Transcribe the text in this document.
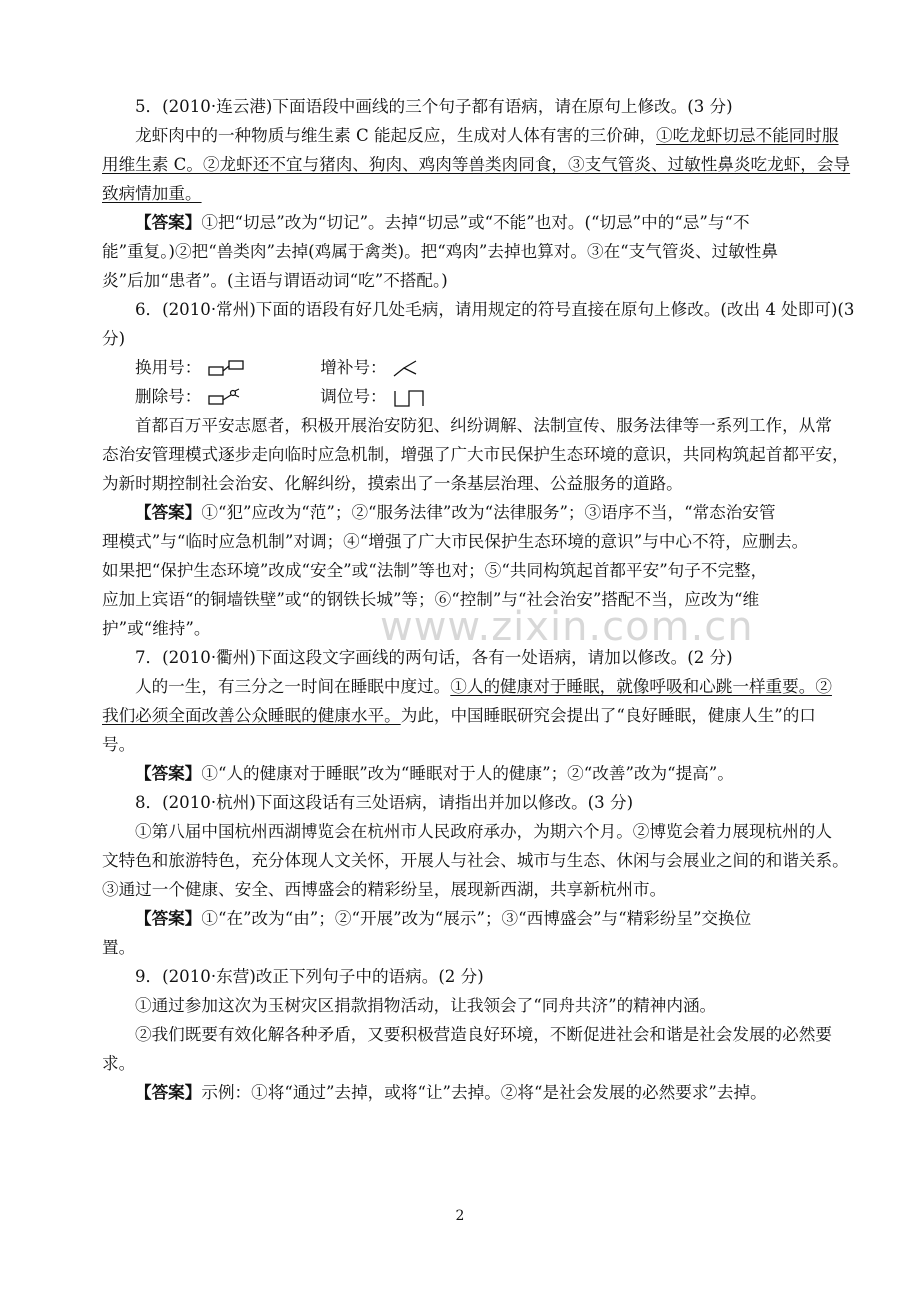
5．(2010·连云港)下面语段中画线的三个句子都有语病，请在原句上修改。(3 分)
龙虾肉中的一种物质与维生素 C 能起反应，生成对人体有害的三价砷，①吃龙虾切忌不能同时服
用维生素 C。②龙虾还不宜与猪肉、狗肉、鸡肉等兽类肉同食，③支气管炎、过敏性鼻炎吃龙虾，会导
致病情加重。
【答案】①把“切忌”改为“切记”。去掉“切忌”或“不能”也对。(“切忌”中的“忌”与“不
能”重复。)②把“兽类肉”去掉(鸡属于禽类)。把“鸡肉”去掉也算对。③在“支气管炎、过敏性鼻
炎”后加“患者”。(主语与谓语动词“吃”不搭配。)
6．(2010·常州)下面的语段有好几处毛病，请用规定的符号直接在原句上修改。(改出 4 处即可)(3
分)
换用号：	增补号：
删除号：	调位号：
首都百万平安志愿者，积极开展治安防犯、纠纷调解、法制宣传、服务法律等一系列工作，从常
态治安管理模式逐步走向临时应急机制，增强了广大市民保护生态环境的意识，共同构筑起首都平安，
为新时期控制社会治安、化解纠纷，摸索出了一条基层治理、公益服务的道路。
【答案】①“犯”应改为“范”；②“服务法律”改为“法律服务”；③语序不当，“常态治安管
理模式”与“临时应急机制”对调；④“增强了广大市民保护生态环境的意识”与中心不符，应删去。
如果把“保护生态环境”改成“安全”或“法制”等也对；⑤“共同构筑起首都平安”句子不完整，
应加上宾语“的铜墙铁壁”或“的钢铁长城”等；⑥“控制”与“社会治安”搭配不当，应改为“维
护”或“维持”。
7．(2010·衢州)下面这段文字画线的两句话，各有一处语病，请加以修改。(2 分)
人的一生，有三分之一时间在睡眠中度过。①人的健康对于睡眠，就像呼吸和心跳一样重要。②
我们必须全面改善公众睡眠的健康水平。为此，中国睡眠研究会提出了“良好睡眠，健康人生”的口
号。
【答案】①“人的健康对于睡眠”改为“睡眠对于人的健康”；②“改善”改为“提高”。
8．(2010·杭州)下面这段话有三处语病，请指出并加以修改。(3 分)
①第八届中国杭州西湖博览会在杭州市人民政府承办，为期六个月。②博览会着力展现杭州的人
文特色和旅游特色，充分体现人文关怀，开展人与社会、城市与生态、休闲与会展业之间的和谐关系。
③通过一个健康、安全、西博盛会的精彩纷呈，展现新西湖，共享新杭州市。
【答案】①“在”改为“由”；②“开展”改为“展示”；③“西博盛会”与“精彩纷呈”交换位
置。
9．(2010·东营)改正下列句子中的语病。(2 分)
①通过参加这次为玉树灾区捐款捐物活动，让我领会了“同舟共济”的精神内涵。
②我们既要有效化解各种矛盾，又要积极营造良好环境，不断促进社会和谐是社会发展的必然要
求。
【答案】示例：①将“通过”去掉，或将“让”去掉。②将“是社会发展的必然要求”去掉。
www.zixin.com.cn
2
